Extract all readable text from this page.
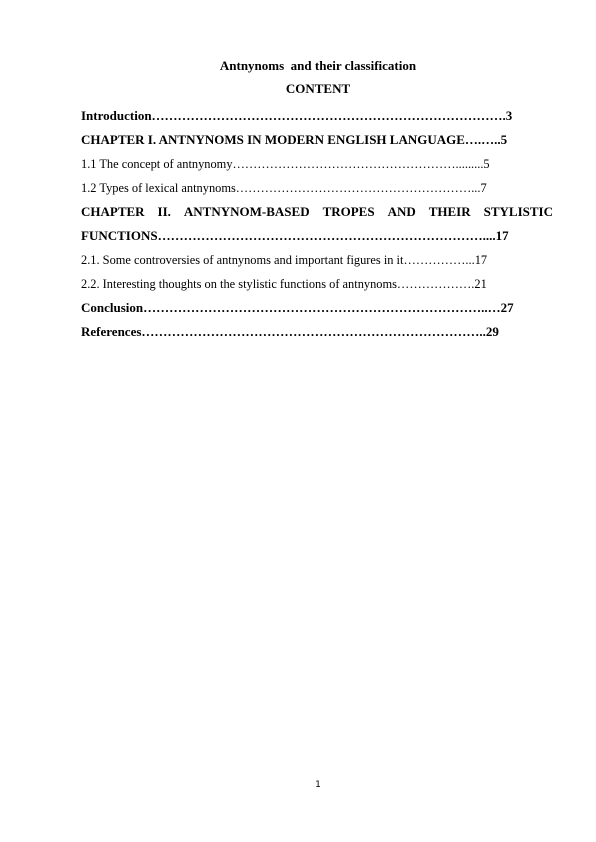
Antnynoms  and their classification
CONTENT
Introduction……………………………………………………………………….3
CHAPTER I. ANTNYNOMS IN MODERN ENGLISH LANGUAGE….…..5
1.1 The concept of antnynomy……………………………………………….........5
1.2 Types of lexical antnynoms…………………………………………………...7
CHAPTER II. ANTNYNOM-BASED TROPES AND THEIR STYLISTIC
FUNCTIONS…………………………………………………………………....17
2.1. Some controversies of antnynoms and important figures in it……………...17
2.2. Interesting thoughts on the stylistic functions of antnynoms……………….21
Conclusion……………………………………………………………………..…27
References……………………………………………………………………..29
1
